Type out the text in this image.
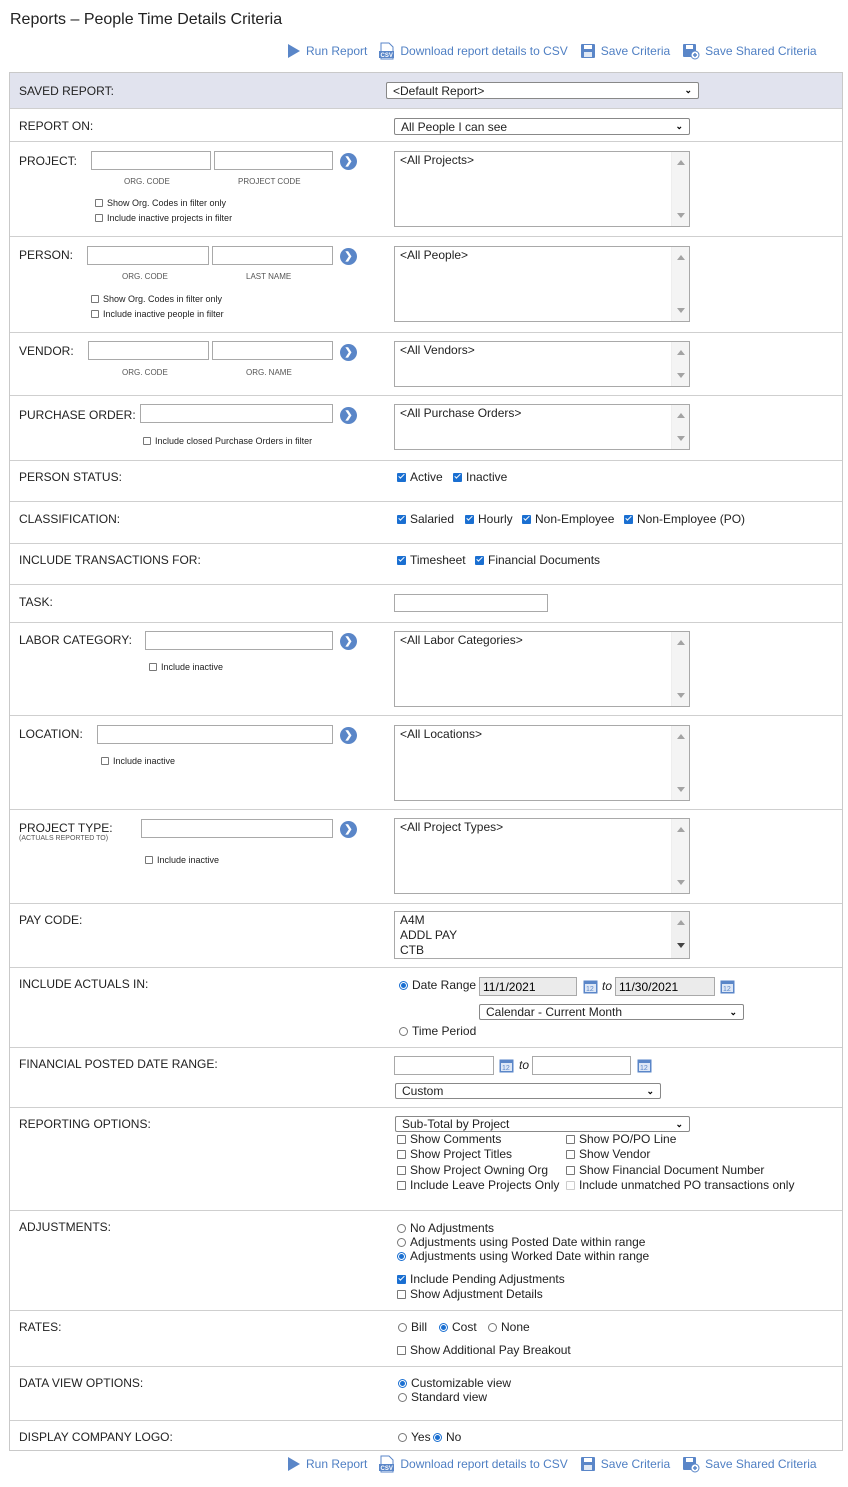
Reports – People Time Details Criteria
Run Report CSV Download report details to CSV	Save Criteria	Save Shared Criteria
SAVED REPORT:	<Default Report>	⌄
REPORT ON:	All People I can see	⌄
PROJECT:	❯
ORG. CODE	PROJECT CODE
Show Org. Codes in filter only
Include inactive projects in filter
<All Projects>
PERSON:	❯
ORG. CODE	LAST NAME
Show Org. Codes in filter only
Include inactive people in filter
<All People>
VENDOR:	❯
ORG. CODE	ORG. NAME
<All Vendors>
PURCHASE ORDER:	❯
Include closed Purchase Orders in filter
<All Purchase Orders>
PERSON STATUS:	Active Inactive
CLASSIFICATION:	Salaried Hourly Non-Employee Non-Employee (PO)
INCLUDE TRANSACTIONS FOR:	Timesheet Financial Documents
TASK:
LABOR CATEGORY:	❯
Include inactive
<All Labor Categories>
LOCATION:	❯
Include inactive
<All Locations>
PROJECT TYPE:
(ACTUALS REPORTED TO)
❯
Include inactive
<All Project Types>
PAY CODE:	A4M
ADDL PAY
CTB
INCLUDE ACTUALS IN:	Date Range
11/1/2021	12 to
11/30/2021	12
Calendar - Current Month	⌄
Time Period
FINANCIAL POSTED DATE RANGE:	12 to	12
Custom	⌄
REPORTING OPTIONS:	Sub-Total by Project	⌄
Show Comments
Show Project Titles
Show Project Owning Org
Include Leave Projects Only
Show PO/PO Line
Show Vendor
Show Financial Document Number
Include unmatched PO transactions only
ADJUSTMENTS:	No Adjustments
Adjustments using Posted Date within range
Adjustments using Worked Date within range
Include Pending Adjustments
Show Adjustment Details
RATES:	Bill Cost None
Show Additional Pay Breakout
DATA VIEW OPTIONS:	Customizable view
Standard view
DISPLAY COMPANY LOGO:	Yes No
Run Report CSV Download report details to CSV	Save Criteria	Save Shared Criteria
